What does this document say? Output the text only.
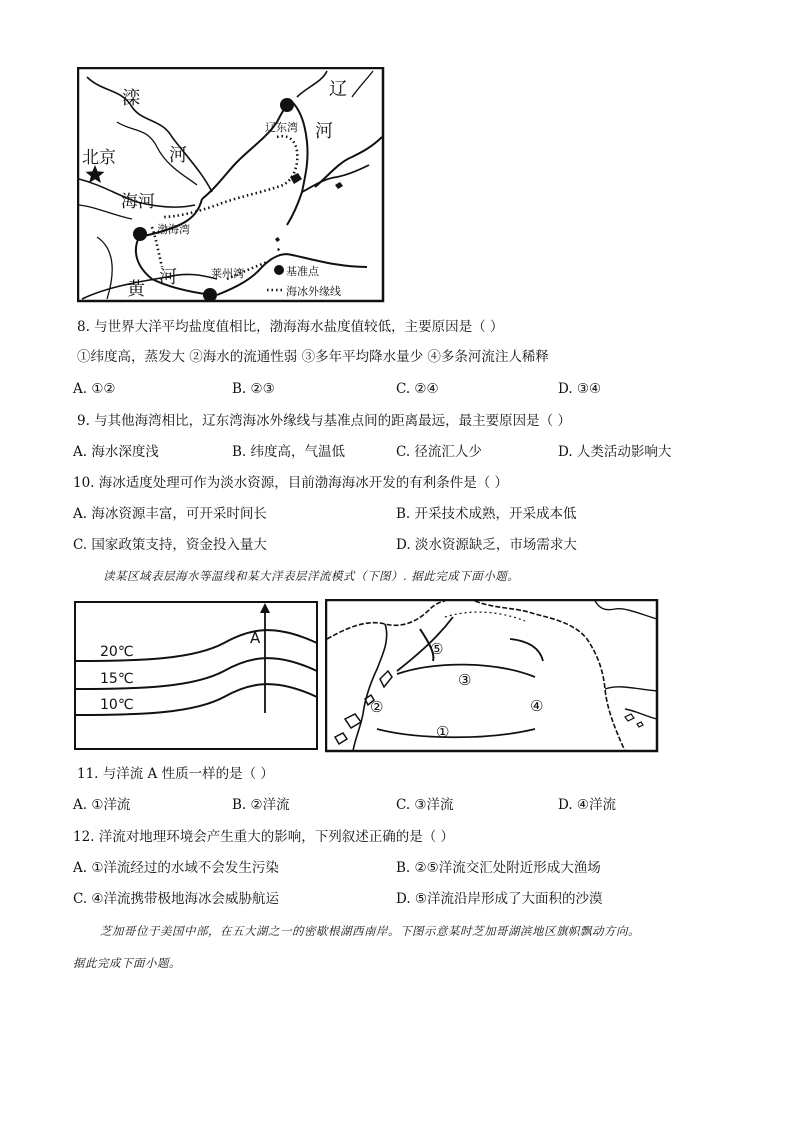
滦
河
辽
河
北京
海河
辽东湾
渤海湾
莱州湾
黄
河	基准点
海冰外缘线
8. 与世界大洋平均盐度值相比，渤海海水盐度值较低，主要原因是（ ）
①纬度高，蒸发大 ②海水的流通性弱 ③多年平均降水量少 ④多条河流注人稀释
A. ①②	B. ②③	C. ②④	D. ③④
9. 与其他海湾相比，辽东湾海冰外缘线与基准点间的距离最远，最主要原因是（ ）
A. 海水深度浅	B. 纬度高，气温低	C. 径流汇人少	D. 人类活动影响大
10. 海冰适度处理可作为淡水资源，目前渤海海冰开发的有利条件是（ ）
A. 海冰资源丰富，可开采时间长	B. 开采技术成熟，开采成本低
C. 国家政策支持，资金投入量大	D. 淡水资源缺乏，市场需求大
读某区域表层海水等温线和某大洋表层洋流模式（下图）. 据此完成下面小题。
A
20℃
15℃
10℃
⑤
③
②	④
①
11. 与洋流 A 性质一样的是（ ）
A. ①洋流	B. ②洋流	C. ③洋流	D. ④洋流
12. 洋流对地理环境会产生重大的影响，下列叙述正确的是（ ）
A. ①洋流经过的水域不会发生污染	B. ②⑤洋流交汇处附近形成大渔场
C. ④洋流携带极地海冰会威胁航运	D. ⑤洋流沿岸形成了大面积的沙漠
芝加哥位于美国中部，在五大湖之一的密歇根湖西南岸。下图示意某时芝加哥湖滨地区旗帜飘动方向。
据此完成下面小题。
